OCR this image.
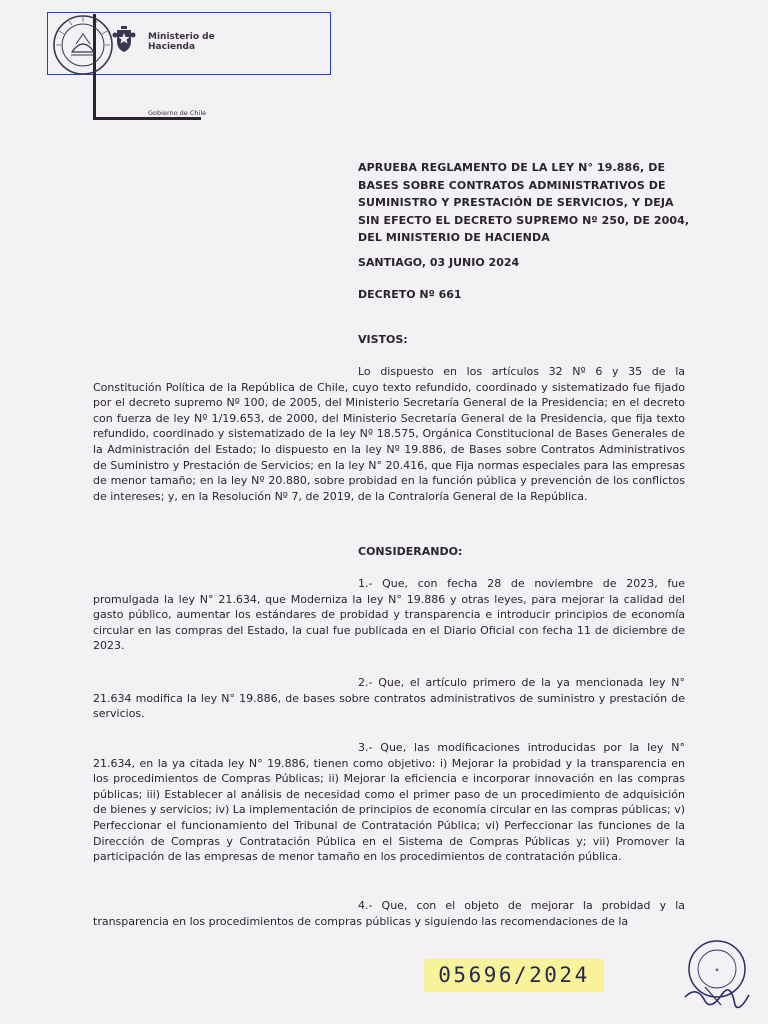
Ministerio de
Hacienda
Gobierno de Chile
APRUEBA REGLAMENTO DE LA LEY N° 19.886, DE BASES SOBRE CONTRATOS ADMINISTRATIVOS DE SUMINISTRO Y PRESTACIÓN DE SERVICIOS, Y DEJA SIN EFECTO EL DECRETO SUPREMO Nº 250, DE 2004, DEL MINISTERIO DE HACIENDA
SANTIAGO, 03 JUNIO 2024
DECRETO Nº 661
VISTOS:
Lo dispuesto en los artículos 32 Nº 6 y 35 de la Constitución Política de la República de Chile, cuyo texto refundido, coordinado y sistematizado fue fijado por el decreto supremo Nº 100, de 2005, del Ministerio Secretaría General de la Presidencia; en el decreto con fuerza de ley Nº 1/19.653, de 2000, del Ministerio Secretaría General de la Presidencia, que fija texto refundido, coordinado y sistematizado de la ley Nº 18.575, Orgánica Constitucional de Bases Generales de la Administración del Estado; lo dispuesto en la ley Nº 19.886, de Bases sobre Contratos Administrativos de Suministro y Prestación de Servicios; en la ley N° 20.416, que Fija normas especiales para las empresas de menor tamaño; en la ley Nº 20.880, sobre probidad en la función pública y prevención de los conflictos de intereses; y, en la Resolución Nº 7, de 2019, de la Contraloría General de la República.
CONSIDERANDO:
1.- Que, con fecha 28 de noviembre de 2023, fue promulgada la ley N° 21.634, que Moderniza la ley N° 19.886 y otras leyes, para mejorar la calidad del gasto público, aumentar los estándares de probidad y transparencia e introducir principios de economía circular en las compras del Estado, la cual fue publicada en el Diario Oficial con fecha 11 de diciembre de 2023.
2.- Que, el artículo primero de la ya mencionada ley N° 21.634 modifica la ley N° 19.886, de bases sobre contratos administrativos de suministro y prestación de servicios.
3.- Que, las modificaciones introducidas por la ley N° 21.634, en la ya citada ley N° 19.886, tienen como objetivo: i) Mejorar la probidad y la transparencia en los procedimientos de Compras Públicas; ii) Mejorar la eficiencia e incorporar innovación en las compras públicas; iii) Establecer al análisis de necesidad como el primer paso de un procedimiento de adquisición de bienes y servicios; iv) La implementación de principios de economía circular en las compras públicas; v) Perfeccionar el funcionamiento del Tribunal de Contratación Pública; vi) Perfeccionar las funciones de la Dirección de Compras y Contratación Pública en el Sistema de Compras Públicas y; vii) Promover la participación de las empresas de menor tamaño en los procedimientos de contratación pública.
4.- Que, con el objeto de mejorar la probidad y la transparencia en los procedimientos de compras públicas y siguiendo las recomendaciones de la
05696/2024	✶
